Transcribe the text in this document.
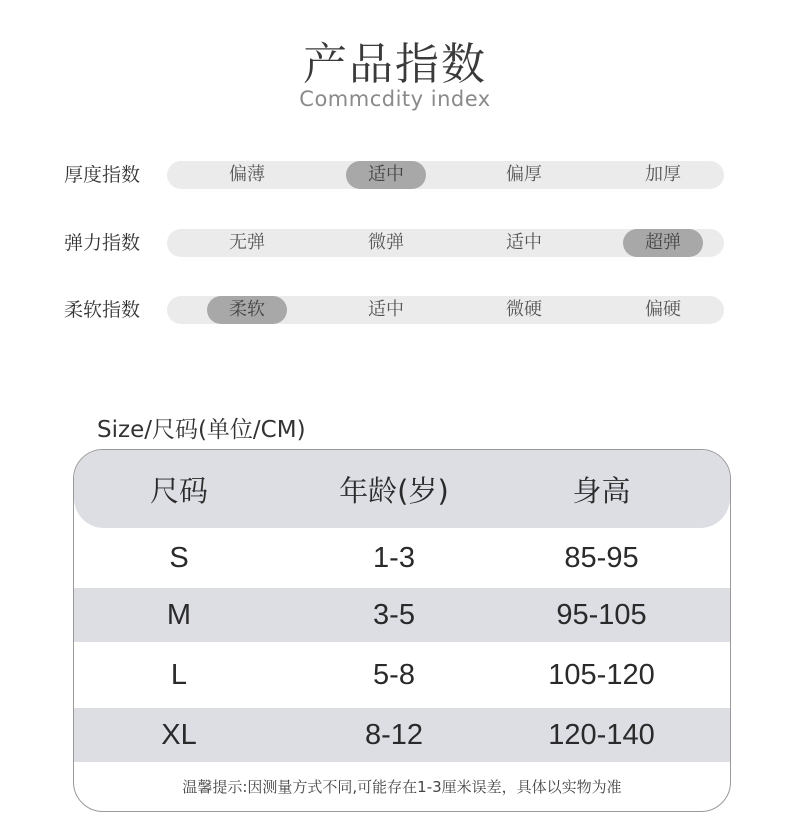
产品指数
Commcdity index
厚度指数	偏薄	适中	偏厚	加厚
弹力指数	无弹	微弹	适中	超弹
柔软指数	柔软	适中	微硬	偏硬
Size/尺码(单位/CM)
尺码	年龄(岁)	身高
S	1-3	85-95
M	3-5	95-105
L	5-8	105-120
XL	8-12	120-140
温馨提示:因测量方式不同,可能存在1-3厘米误差，具体以实物为准
